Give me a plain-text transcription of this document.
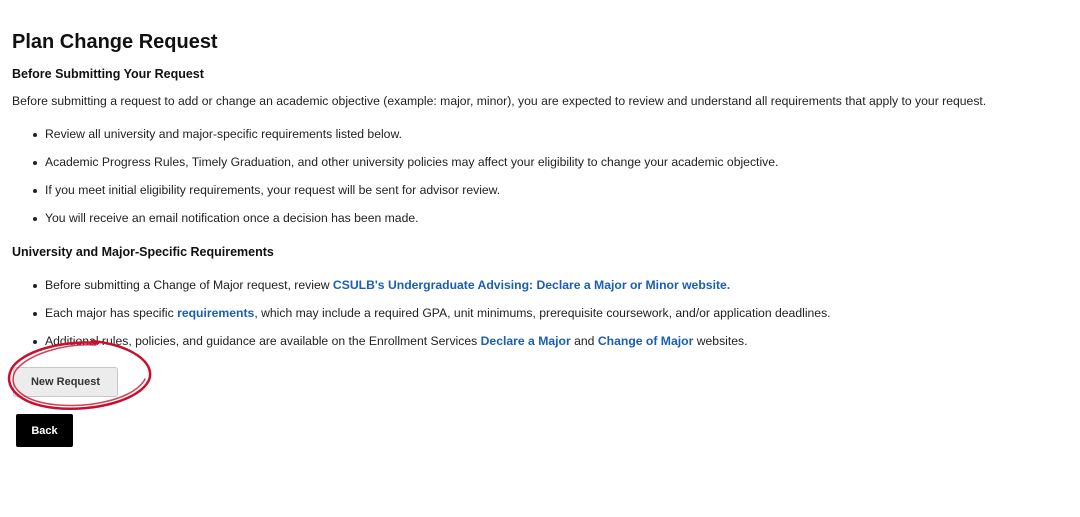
Plan Change Request
Before Submitting Your Request

Before submitting a request to add or change an academic objective (example: major, minor), you are expected to review and understand all requirements that apply to your request.

Review all university and major-specific requirements listed below.
Academic Progress Rules, Timely Graduation, and other university policies may affect your eligibility to change your academic objective.
If you meet initial eligibility requirements, your request will be sent for advisor review.
You will receive an email notification once a decision has been made.
University and Major-Specific Requirements
Before submitting a Change of Major request, review CSULB's Undergraduate Advising: Declare a Major or Minor website.
Each major has specific requirements, which may include a required GPA, unit minimums, prerequisite coursework, and/or application deadlines.
Additional rules, policies, and guidance are available on the Enrollment Services Declare a Major and Change of Major websites.
New Request
Back
